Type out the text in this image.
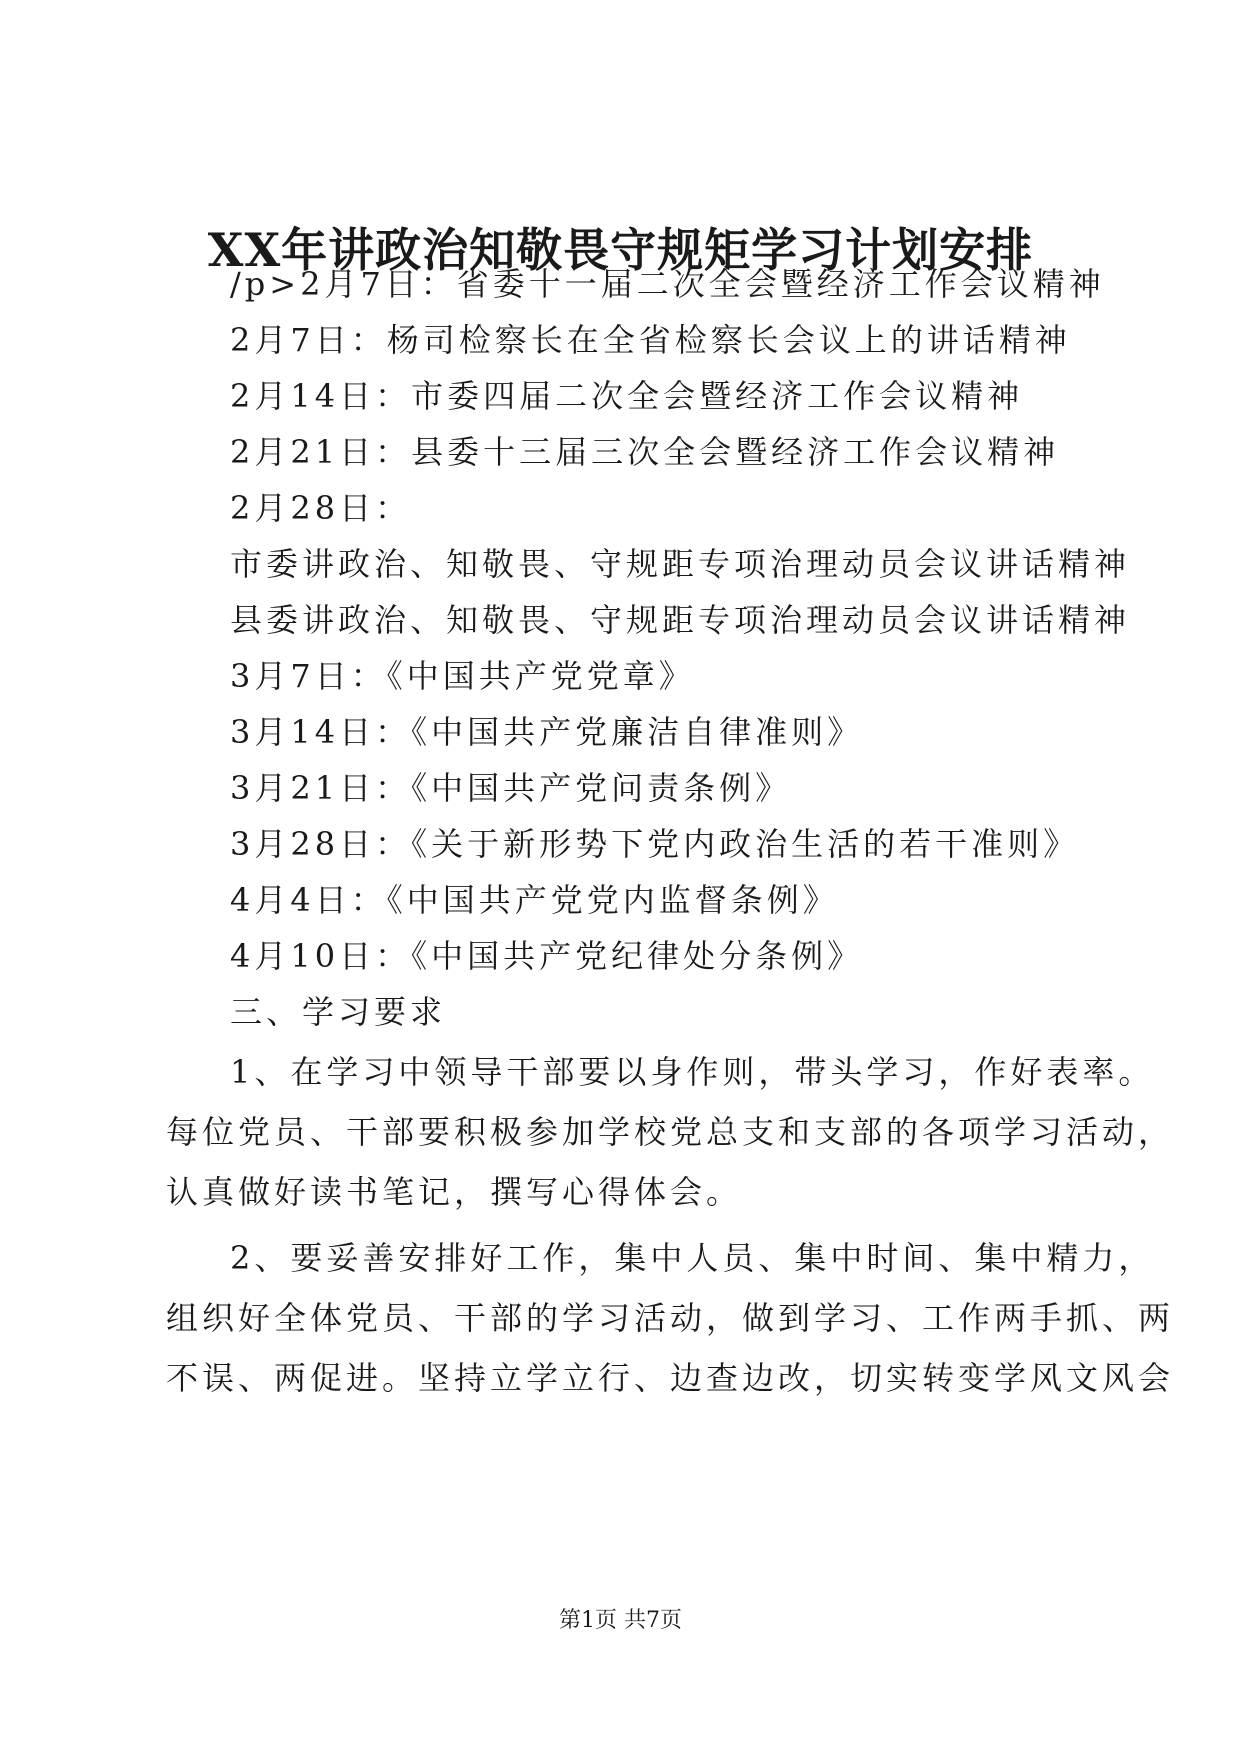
XX年讲政治知敬畏守规矩学习计划安排
/p>2月7日：省委十一届二次全会暨经济工作会议精神
2月7日：杨司检察长在全省检察长会议上的讲话精神
2月14日：市委四届二次全会暨经济工作会议精神
2月21日：县委十三届三次全会暨经济工作会议精神
2月28日：
市委讲政治、知敬畏、守规距专项治理动员会议讲话精神
县委讲政治、知敬畏、守规距专项治理动员会议讲话精神
3月7日：《中国共产党党章》
3月14日：《中国共产党廉洁自律准则》
3月21日：《中国共产党问责条例》
3月28日：《关于新形势下党内政治生活的若干准则》
4月4日：《中国共产党党内监督条例》
4月10日：《中国共产党纪律处分条例》
三、学习要求
1、在学习中领导干部要以身作则，带头学习，作好表率。
每位党员、干部要积极参加学校党总支和支部的各项学习活动，
认真做好读书笔记，撰写心得体会。
2、要妥善安排好工作，集中人员、集中时间、集中精力，
组织好全体党员、干部的学习活动，做到学习、工作两手抓、两
不误、两促进。坚持立学立行、边查边改，切实转变学风文风会
第1页 共7页
